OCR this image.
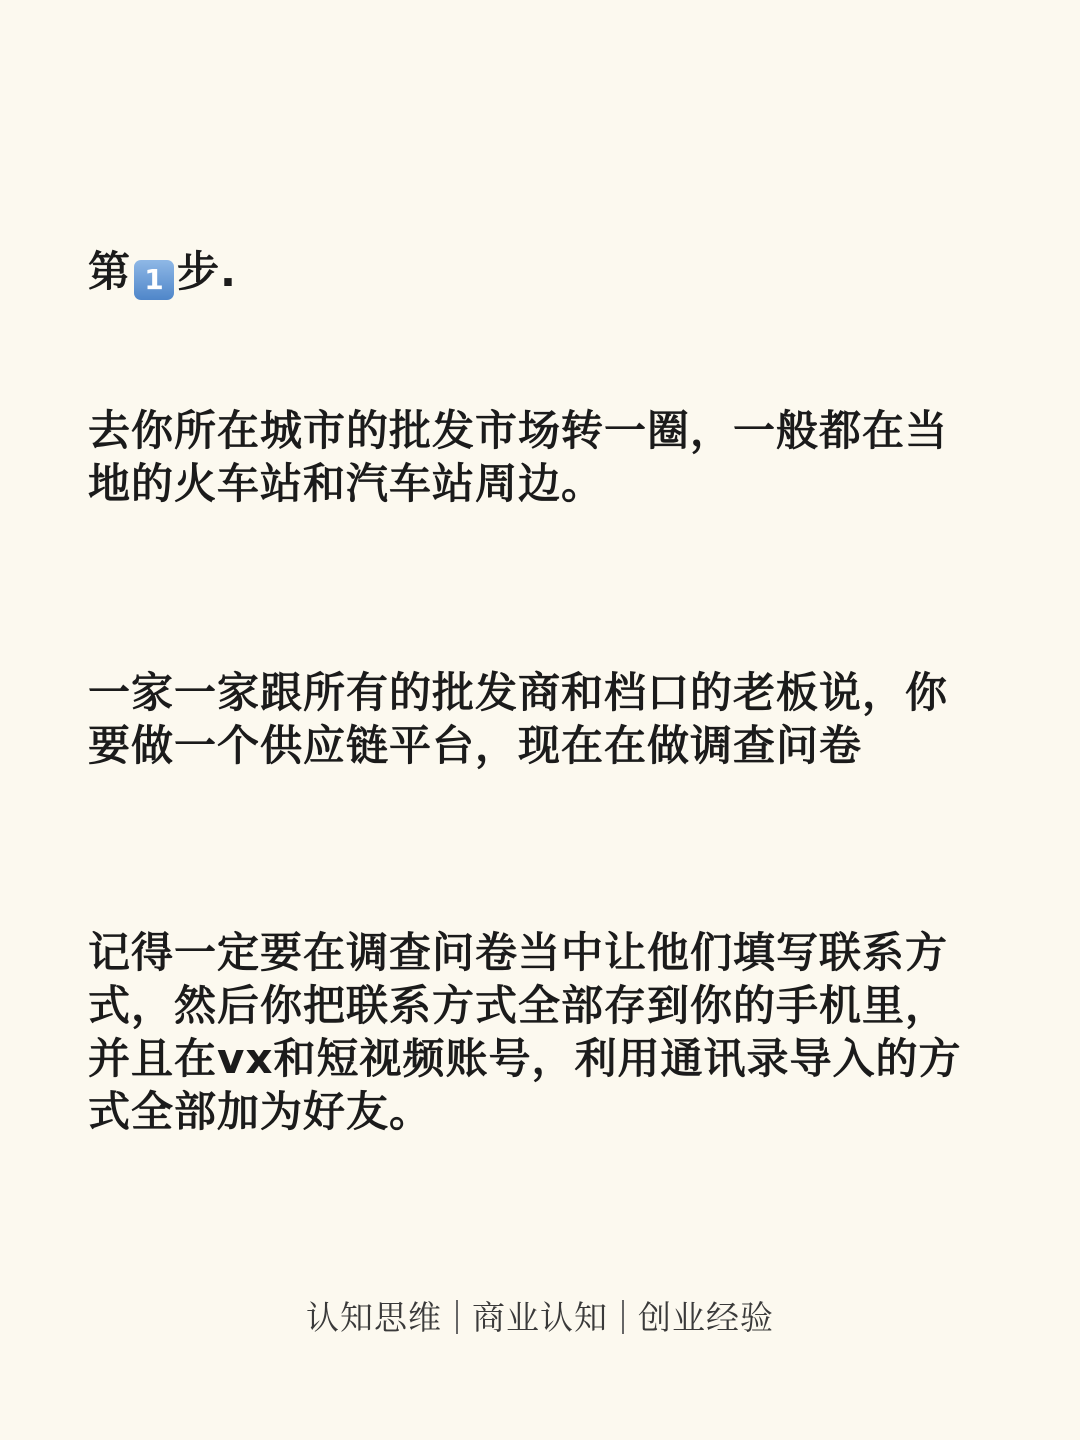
第 1 步.

去你所在城市的批发市场转一圈，一般都在当地的火车站和汽车站周边。

一家一家跟所有的批发商和档口的老板说，你要做一个供应链平台，现在在做调查问卷

记得一定要在调查问卷当中让他们填写联系方式，然后你把联系方式全部存到你的手机里，并且在vx和短视频账号，利用通讯录导入的方式全部加为好友。

认知思维 商业认知 创业经验
